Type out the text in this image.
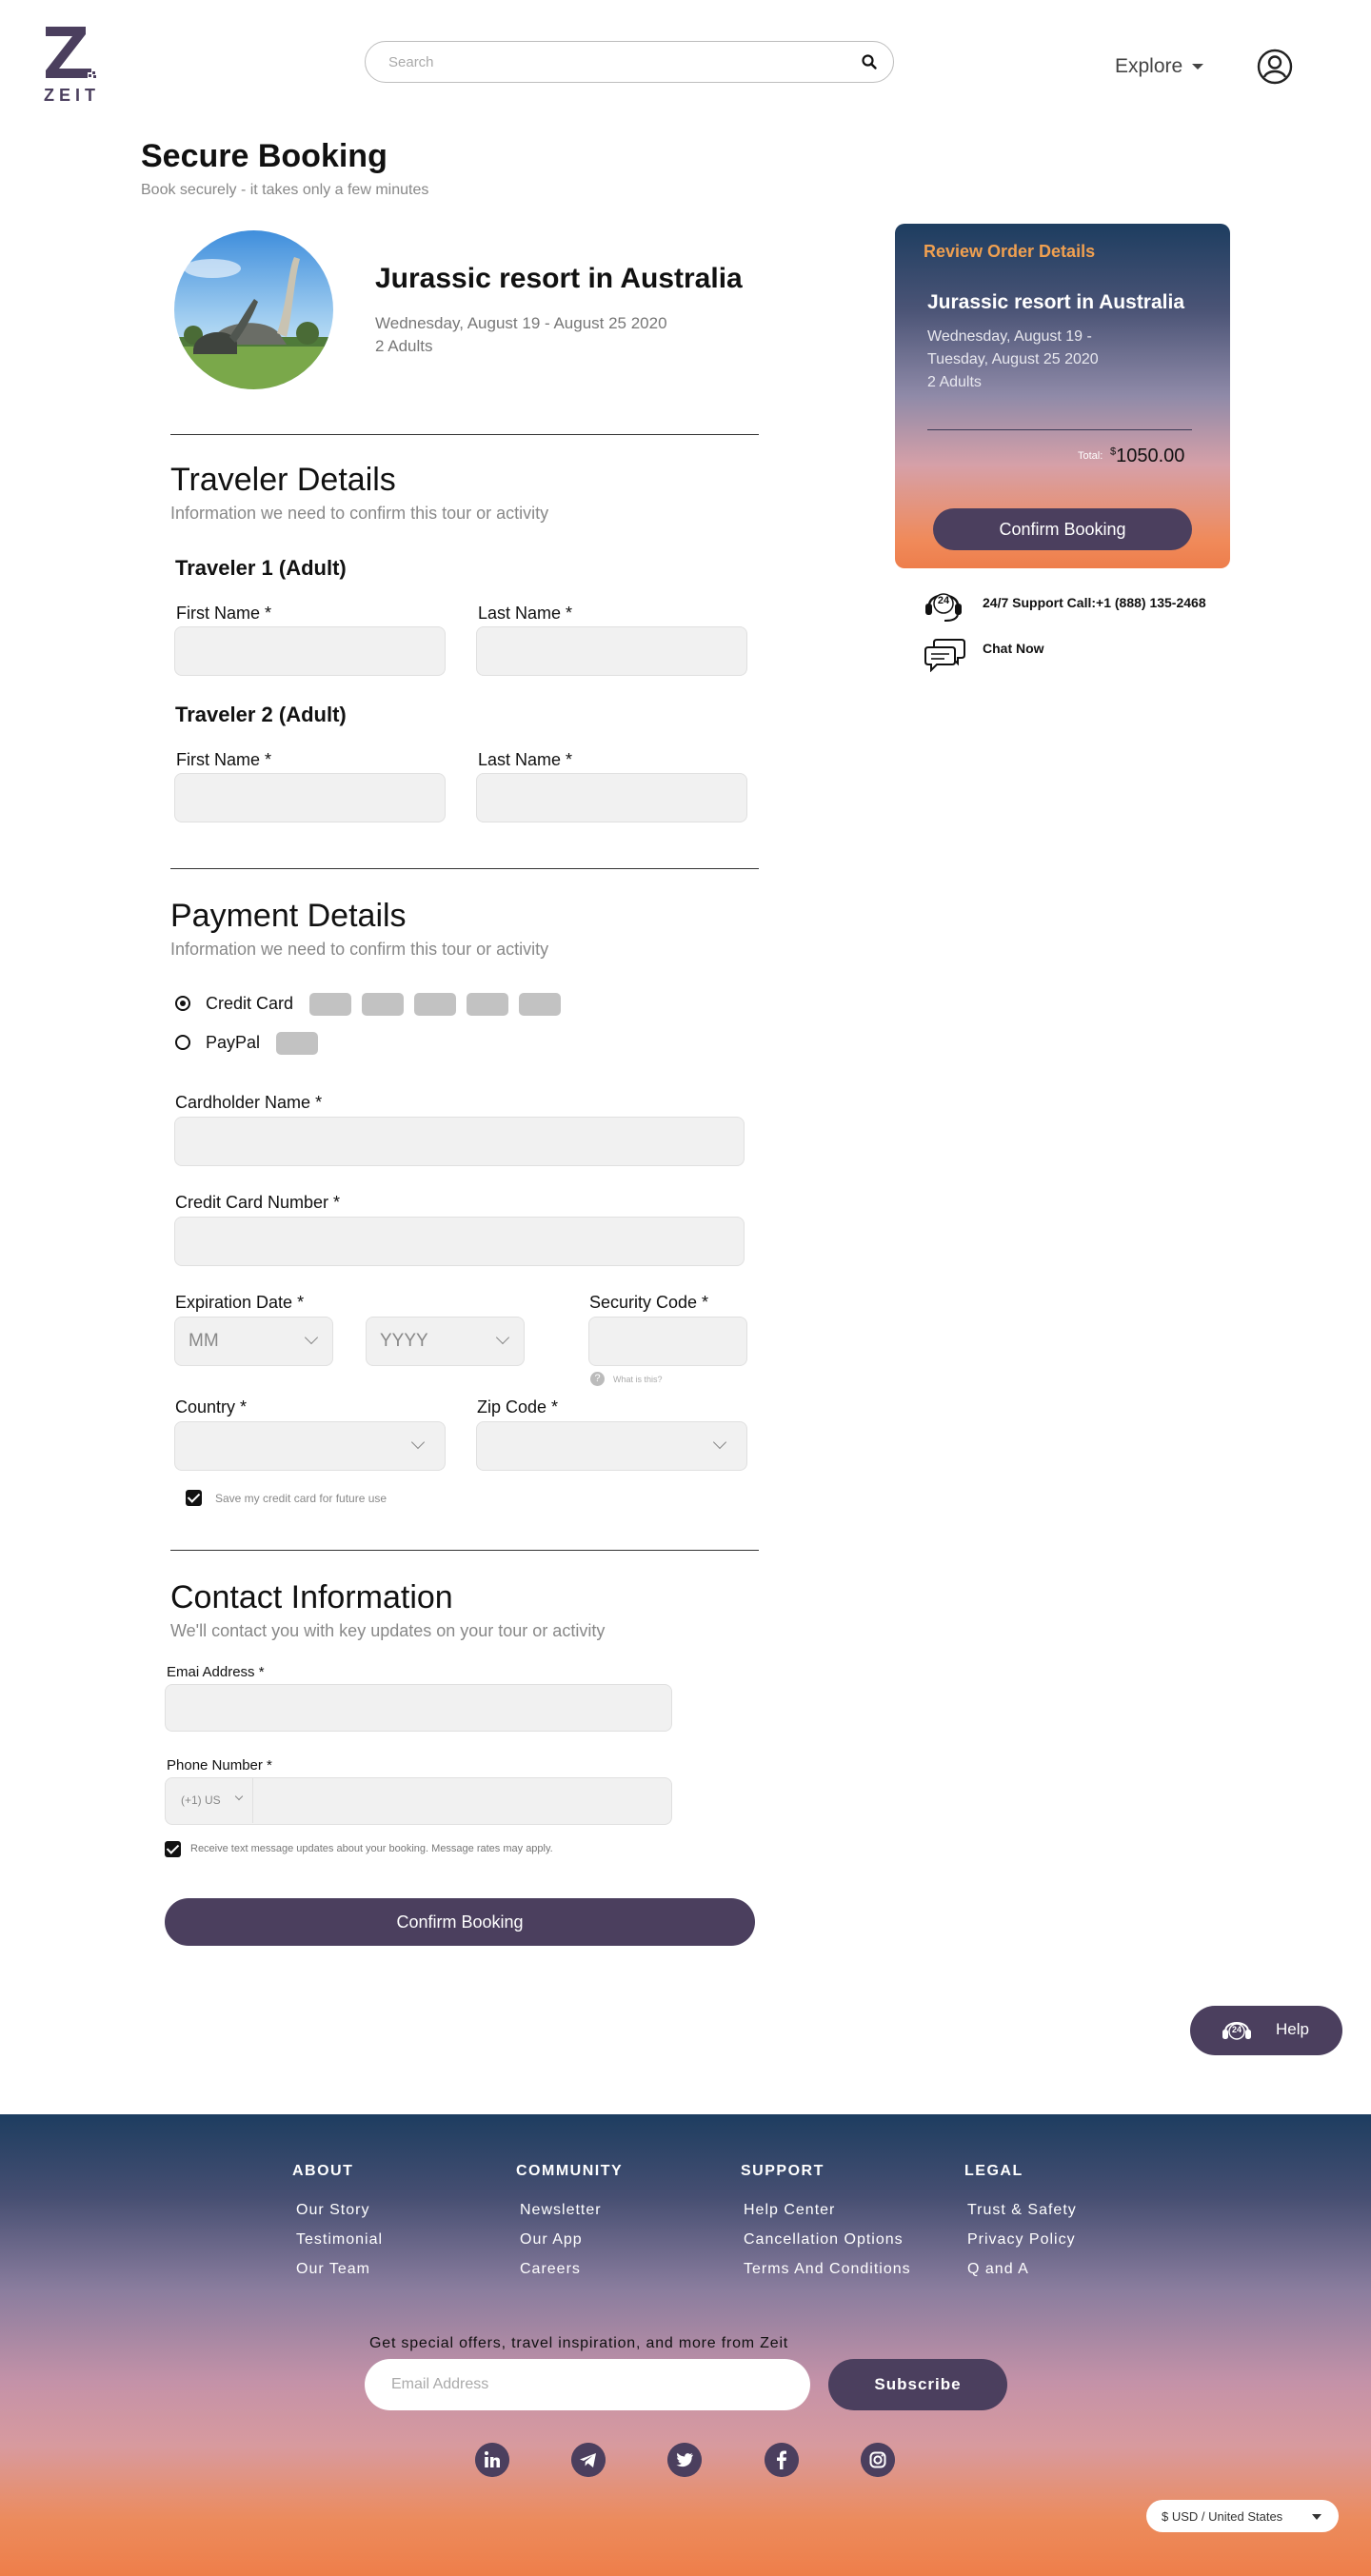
ZEIT
Search
Explore
Secure Booking
Book securely - it takes only a few minutes
Jurassic resort in Australia
Wednesday, August 19 - August 25 2020
2 Adults
Traveler Details
Information we need to confirm this tour or activity
Traveler 1 (Adult)
First Name *	Last Name *
Traveler 2 (Adult)
First Name *	Last Name *
Payment Details
Information we need to confirm this tour or activity
Credit Card
PayPal
Cardholder Name *
Credit Card Number *
Expiration Date *
MM	YYYY
Security Code *
?	What is this?
Country *	Zip Code *
Save my credit card for future use
Contact Information
We'll contact you with key updates on your tour or activity
Emai Address *
Phone Number *
(+1) US
Receive text message updates about your booking. Message rates may apply.
Confirm Booking
Review Order Details
Jurassic resort in Australia
Wednesday, August 19 -
Tuesday, August 25 2020
2 Adults
Total: $1050.00
Confirm Booking
24 24/7 Support Call:+1 (888) 135-2468
Chat Now
24 Help
ABOUT
Our Story
Testimonial
Our Team
COMMUNITY
Newsletter
Our App
Careers
SUPPORT
Help Center
Cancellation Options
Terms And Conditions
LEGAL
Trust & Safety
Privacy Policy
Q and A
Get special offers, travel inspiration, and more from Zeit
Email Address
Subscribe
$ USD / United States
